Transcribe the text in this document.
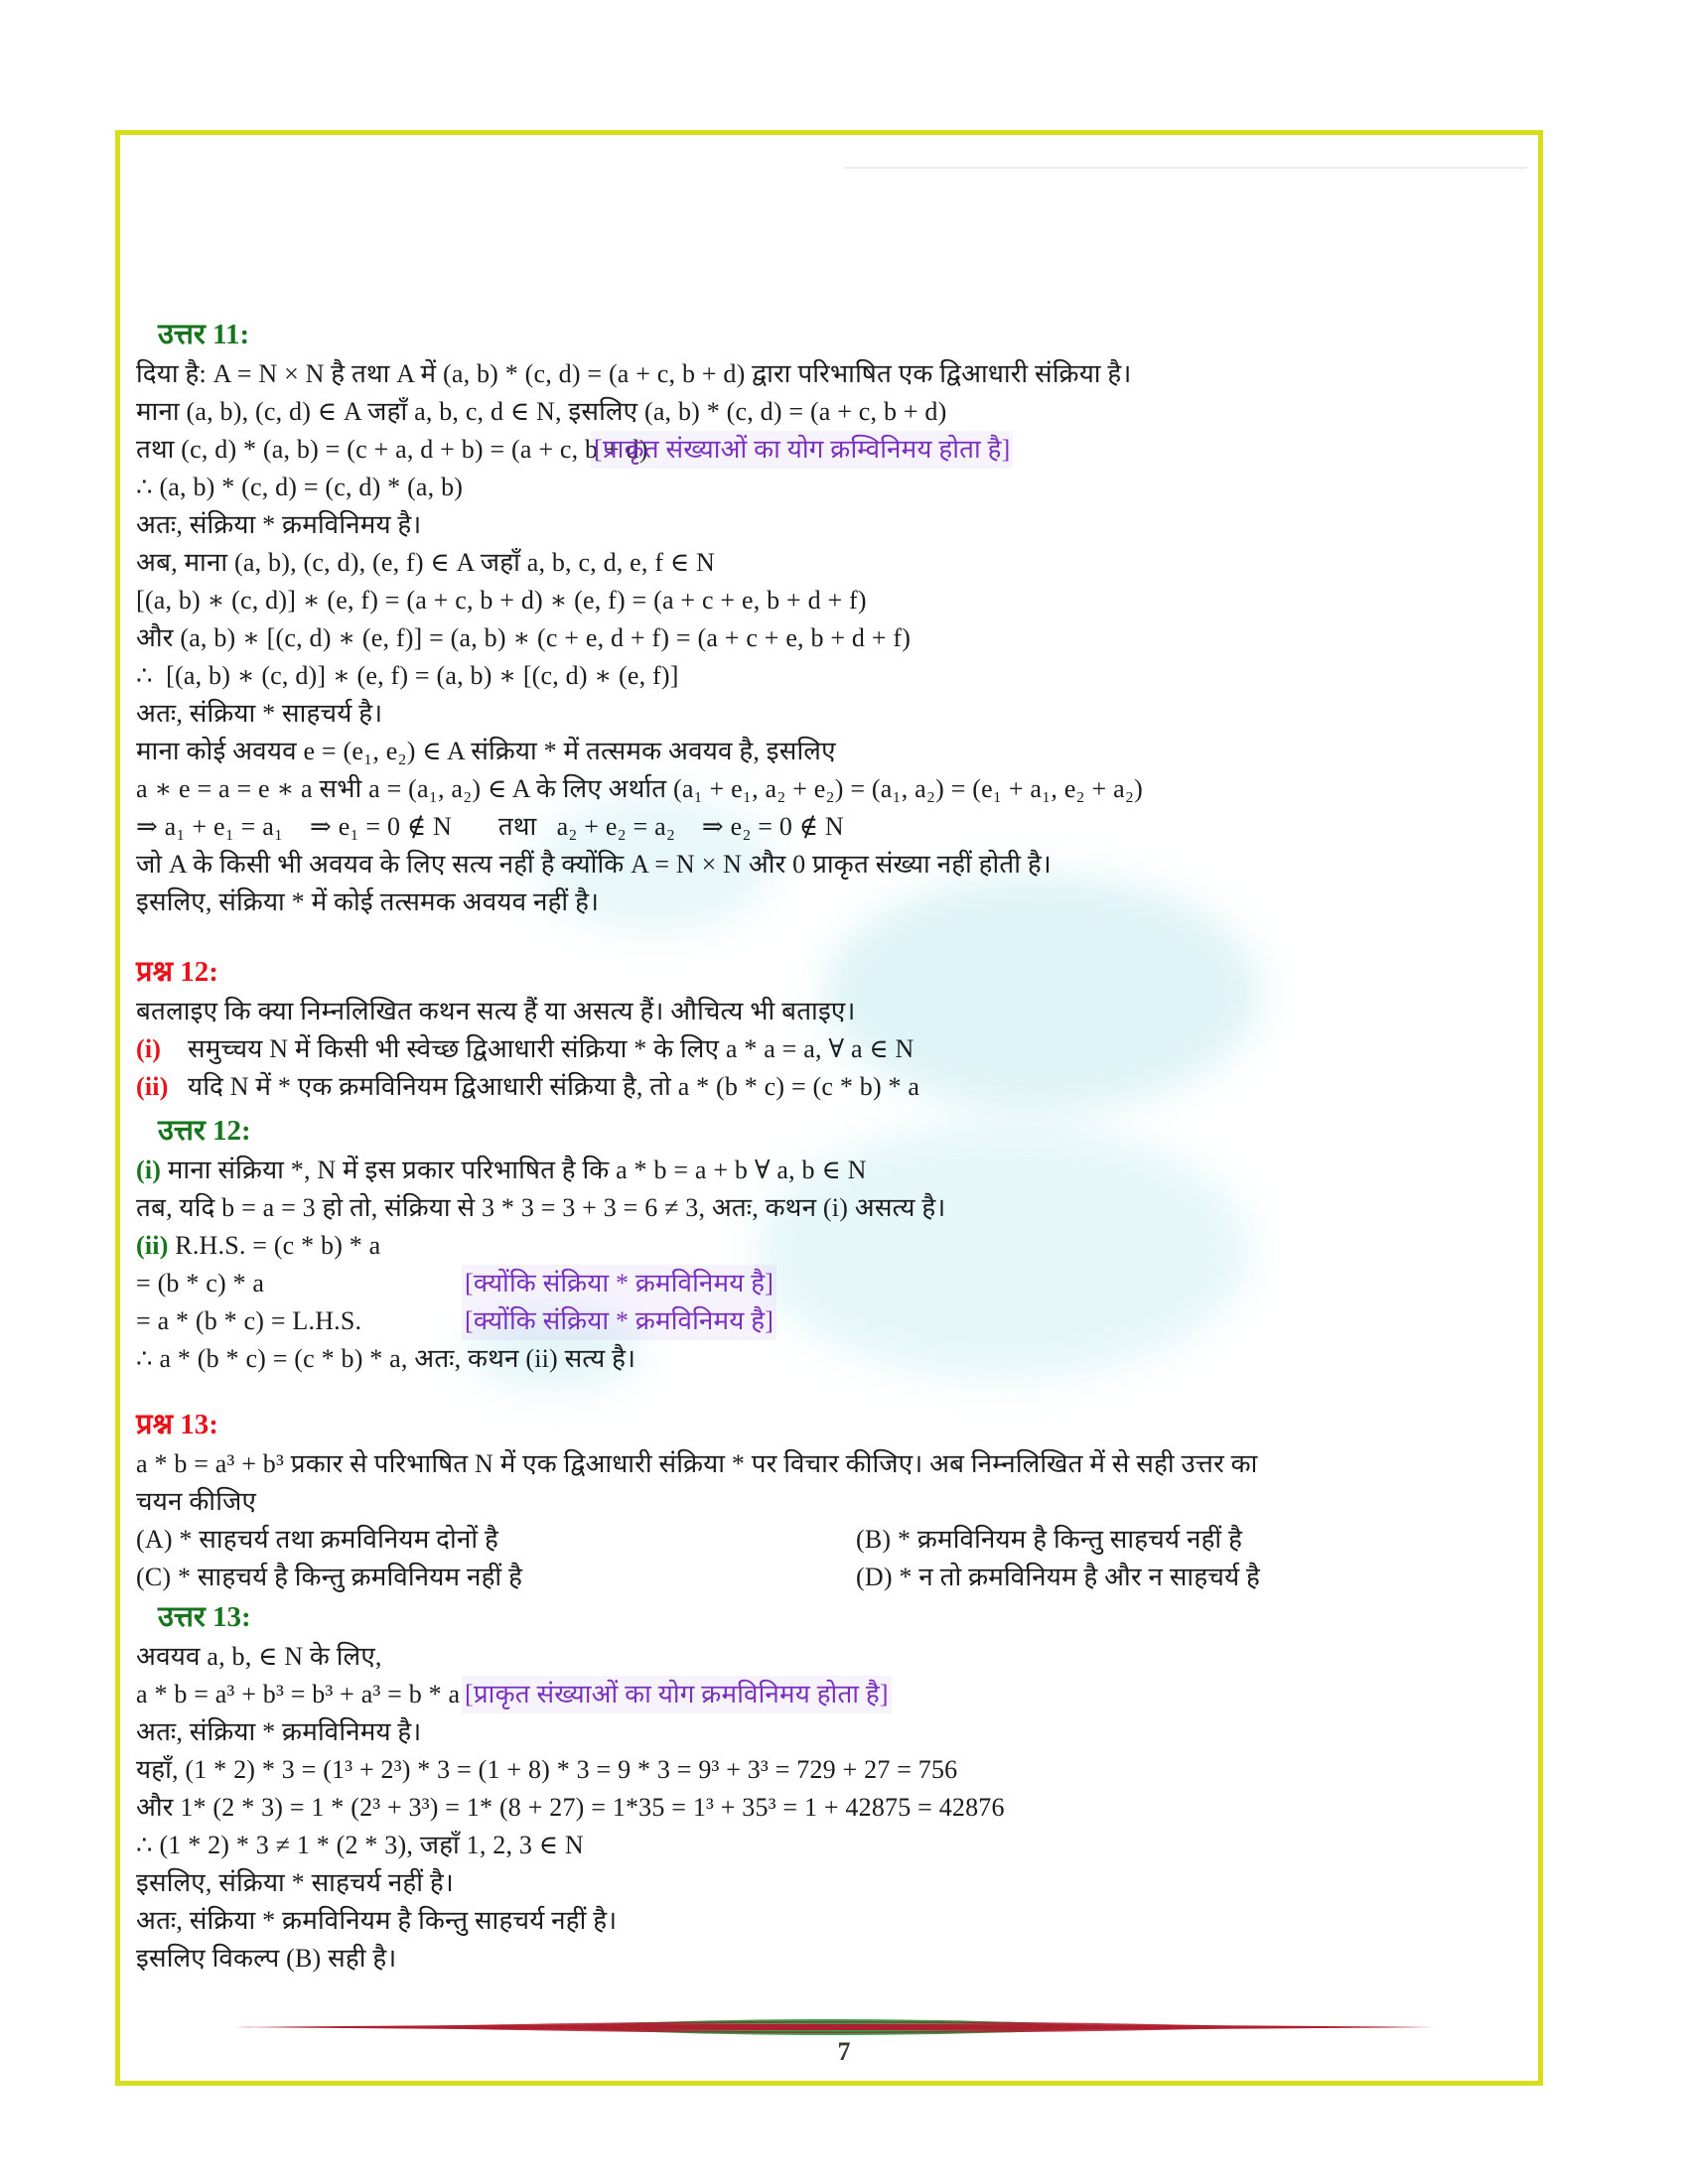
उत्तर 11:
दिया है: A = N × N है तथा A में (a, b) * (c, d) = (a + c, b + d) द्वारा परिभाषित एक द्विआधारी संक्रिया है।
माना (a, b), (c, d) ∈ A जहाँ a, b, c, d ∈ N, इसलिए (a, b) * (c, d) = (a + c, b + d)
तथा (c, d) * (a, b) = (c + a, d + b) = (a + c, b + d)
[प्राकृत संख्याओं का योग क्रम्विनिमय होता है]
∴ (a, b) * (c, d) = (c, d) * (a, b)
अतः, संक्रिया * क्रमविनिमय है।
अब, माना (a, b), (c, d), (e, f) ∈ A जहाँ a, b, c, d, e, f ∈ N
[(a, b) ∗ (c, d)] ∗ (e, f) = (a + c, b + d) ∗ (e, f) = (a + c + e, b + d + f)
और (a, b) ∗ [(c, d) ∗ (e, f)] = (a, b) ∗ (c + e, d + f) = (a + c + e, b + d + f)
∴  [(a, b) ∗ (c, d)] ∗ (e, f) = (a, b) ∗ [(c, d) ∗ (e, f)]
अतः, संक्रिया * साहचर्य है।
माना कोई अवयव e = (e₁, e₂) ∈ A संक्रिया * में तत्समक अवयव है, इसलिए
a ∗ e = a = e ∗ a सभी a = (a₁, a₂) ∈ A के लिए अर्थात (a₁ + e₁, a₂ + e₂) = (a₁, a₂) = (e₁ + a₁, e₂ + a₂)
⇒ a₁ + e₁ = a₁    ⇒ e₁ = 0 ∉ N       तथा   a₂ + e₂ = a₂    ⇒ e₂ = 0 ∉ N
जो A के किसी भी अवयव के लिए सत्य नहीं है क्योंकि A = N × N और 0 प्राकृत संख्या नहीं होती है।
इसलिए, संक्रिया * में कोई तत्समक अवयव नहीं है।
प्रश्न 12:
बतलाइए कि क्या निम्नलिखित कथन सत्य हैं या असत्य हैं। औचित्य भी बताइए।
(i) समुच्चय N में किसी भी स्वेच्छ द्विआधारी संक्रिया * के लिए a * a = a, ∀ a ∈ N
(ii) यदि N में * एक क्रमविनियम द्विआधारी संक्रिया है, तो a * (b * c) = (c * b) * a
उत्तर 12:
(i) माना संक्रिया *, N में इस प्रकार परिभाषित है कि a * b = a + b ∀ a, b ∈ N
तब, यदि b = a = 3 हो तो, संक्रिया से 3 * 3 = 3 + 3 = 6 ≠ 3, अतः, कथन (i) असत्य है।
(ii) R.H.S. = (c * b) * a
= (b * c) * a	[क्योंकि संक्रिया * क्रमविनिमय है]
= a * (b * c) = L.H.S.	[क्योंकि संक्रिया * क्रमविनिमय है]
∴ a * (b * c) = (c * b) * a, अतः, कथन (ii) सत्य है।
प्रश्न 13:
a * b = a³ + b³ प्रकार से परिभाषित N में एक द्विआधारी संक्रिया * पर विचार कीजिए। अब निम्नलिखित में से सही उत्तर का
चयन कीजिए
(A) * साहचर्य तथा क्रमविनियम दोनों है	(B) * क्रमविनियम है किन्तु साहचर्य नहीं है
(C) * साहचर्य है किन्तु क्रमविनियम नहीं है	(D) * न तो क्रमविनियम है और न साहचर्य है
उत्तर 13:
अवयव a, b, ∈ N के लिए,
a * b = a³ + b³ = b³ + a³ = b * a [प्राकृत संख्याओं का योग क्रमविनिमय होता है]
अतः, संक्रिया * क्रमविनिमय है।
यहाँ, (1 * 2) * 3 = (1³ + 2³) * 3 = (1 + 8) * 3 = 9 * 3 = 9³ + 3³ = 729 + 27 = 756
और 1* (2 * 3) = 1 * (2³ + 3³) = 1* (8 + 27) = 1*35 = 1³ + 35³ = 1 + 42875 = 42876
∴ (1 * 2) * 3 ≠ 1 * (2 * 3), जहाँ 1, 2, 3 ∈ N
इसलिए, संक्रिया * साहचर्य नहीं है।
अतः, संक्रिया * क्रमविनियम है किन्तु साहचर्य नहीं है।
इसलिए विकल्प (B) सही है।
7
